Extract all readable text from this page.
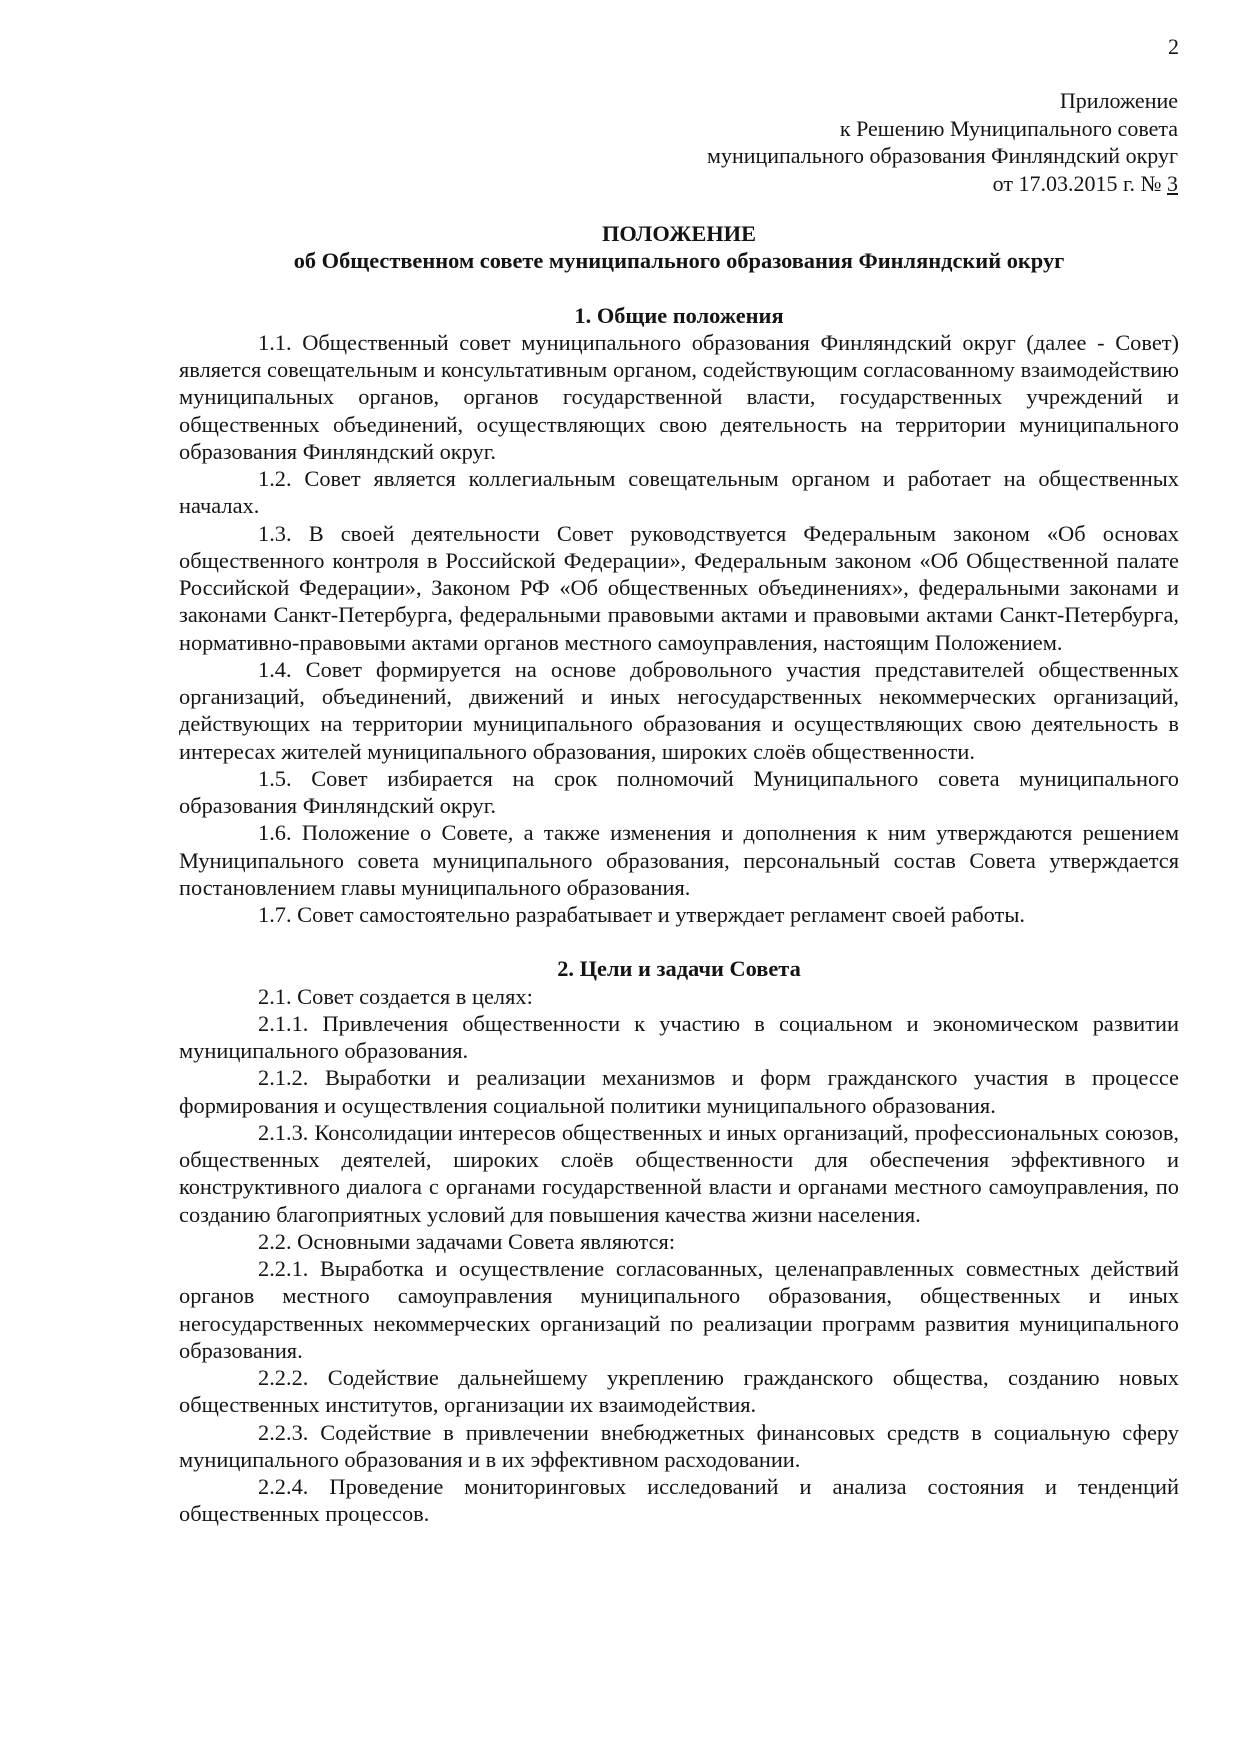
2
Приложение
к Решению Муниципального совета
муниципального образования Финляндский округ
от 17.03.2015 г. № 3

ПОЛОЖЕНИЕ

об Общественном совете муниципального образования Финляндский округ

1. Общие положения

1.1. Общественный совет муниципального образования Финляндский округ (далее - Совет) является совещательным и консультативным органом, содействующим согласованному взаимодействию муниципальных органов, органов государственной власти, государственных учреждений и общественных объединений, осуществляющих свою деятельность на территории муниципального образования Финляндский округ.

1.2. Совет является коллегиальным совещательным органом и работает на общественных началах.

1.3. В своей деятельности Совет руководствуется Федеральным законом «Об основах общественного контроля в Российской Федерации», Федеральным законом «Об Общественной палате Российской Федерации», Законом РФ «Об общественных объединениях», федеральными законами и законами Санкт-Петербурга, федеральными правовыми актами и правовыми актами Санкт-Петербурга, нормативно-правовыми актами органов местного самоуправления, настоящим Положением.

1.4. Совет формируется на основе добровольного участия представителей общественных организаций, объединений, движений и иных негосударственных некоммерческих организаций, действующих на территории муниципального образования и осуществляющих свою деятельность в интересах жителей муниципального образования, широких слоёв общественности.

1.5. Совет избирается на срок полномочий Муниципального совета муниципального образования Финляндский округ.

1.6. Положение о Совете, а также изменения и дополнения к ним утверждаются решением Муниципального совета муниципального образования, персональный состав Совета утверждается постановлением главы муниципального образования.

1.7. Совет самостоятельно разрабатывает и утверждает регламент своей работы.

2. Цели и задачи Совета

2.1. Совет создается в целях:

2.1.1. Привлечения общественности к участию в социальном и экономическом развитии муниципального образования.

2.1.2. Выработки и реализации механизмов и форм гражданского участия в процессе формирования и осуществления социальной политики муниципального образования.

2.1.3. Консолидации интересов общественных и иных организаций, профессиональных союзов, общественных деятелей, широких слоёв общественности для обеспечения эффективного и конструктивного диалога с органами государственной власти и органами местного самоуправления, по созданию благоприятных условий для повышения качества жизни населения.

2.2. Основными задачами Совета являются:

2.2.1. Выработка и осуществление согласованных, целенаправленных совместных действий органов местного самоуправления муниципального образования, общественных и иных негосударственных некоммерческих организаций по реализации программ развития муниципального образования.

2.2.2. Содействие дальнейшему укреплению гражданского общества, созданию новых общественных институтов, организации их взаимодействия.

2.2.3. Содействие в привлечении внебюджетных финансовых средств в социальную сферу муниципального образования и в их эффективном расходовании.

2.2.4. Проведение мониторинговых исследований и анализа состояния и тенденций общественных процессов.
